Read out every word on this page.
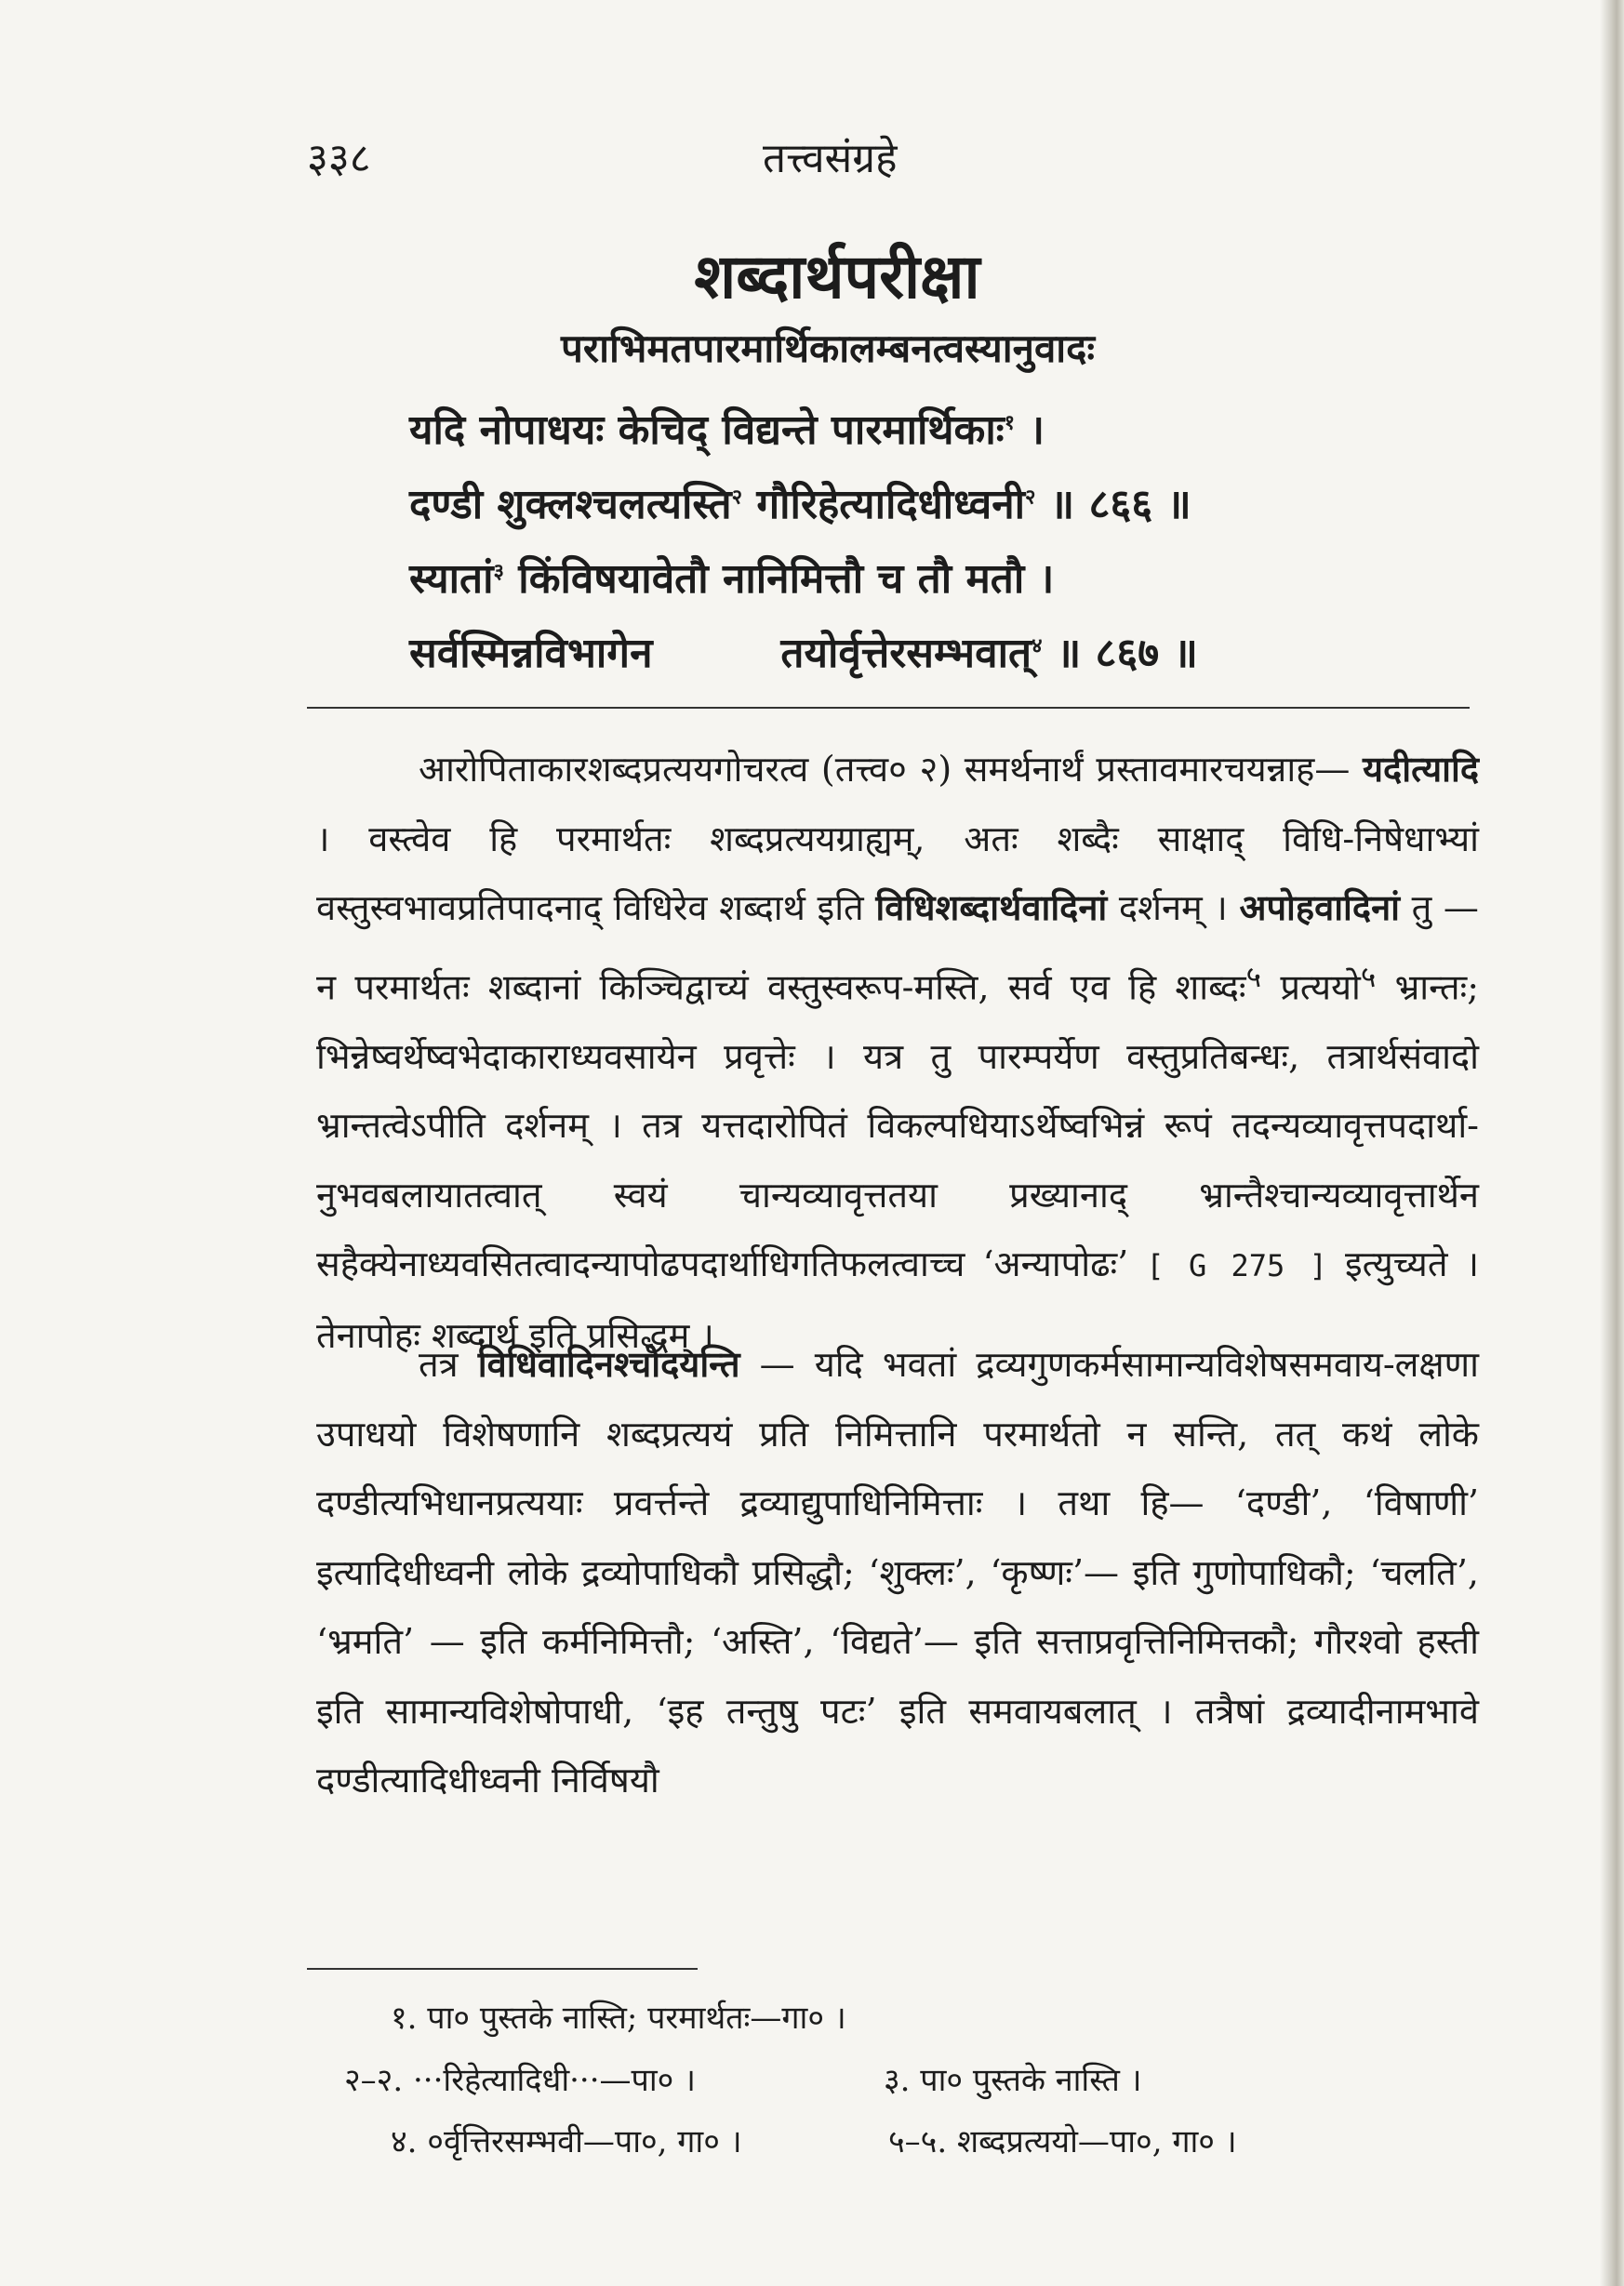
३३८	तत्त्वसंग्रहे
शब्दार्थपरीक्षा
पराभिमतपारमार्थिकालम्बनत्वस्यानुवादः
यदि नोपाधयः केचिद् विद्यन्ते पारमार्थिकाः$^१$ ।
दण्डी शुक्लश्चलत्यस्ति$^२$ गौरिहेत्यादिधीध्वनी$^२$ ॥ ८६६ ॥
स्यातां$^३$ किंविषयावेतौ नानिमित्तौ च तौ मतौ ।
सर्वस्मिन्नविभागेन	तयोर्वृत्तेरसम्भवात्$^४$ ॥ ८६७ ॥
आरोपिताकारशब्दप्रत्ययगोचरत्व (तत्त्व० २) समर्थनार्थं प्रस्तावमारचयन्नाह— यदीत्यादि । वस्त्वेव हि परमार्थतः शब्दप्रत्ययग्राह्यम्, अतः शब्दैः साक्षाद् विधि-निषेधाभ्यां वस्तुस्वभावप्रतिपादनाद् विधिरेव शब्दार्थ इति विधिशब्दार्थवादिनां दर्शनम् । अपोहवादिनां तु — न परमार्थतः शब्दानां किञ्चिद्वाच्यं वस्तुस्वरूप-मस्ति, सर्व एव हि शाब्दः$^५$ प्रत्ययो$^५$ भ्रान्तः; भिन्नेष्वर्थेष्वभेदाकाराध्यवसायेन प्रवृत्तेः । यत्र तु पारम्पर्येण वस्तुप्रतिबन्धः, तत्रार्थसंवादो भ्रान्तत्वेऽपीति दर्शनम् । तत्र यत्तदारोपितं विकल्पधियाऽर्थेष्वभिन्नं रूपं तदन्यव्यावृत्तपदार्था-नुभवबलायातत्वात् स्वयं चान्यव्यावृत्ततया प्रख्यानाद् भ्रान्तैश्चान्यव्यावृत्तार्थेन सहैक्येनाध्यवसितत्वादन्यापोढपदार्थाधिगतिफलत्वाच्च ‘अन्यापोढः’ [ G 275 ] इत्युच्यते । तेनापोहः शब्दार्थ इति प्रसिद्धम् ।
तत्र विधिवादिनश्चोदयन्ति — यदि भवतां द्रव्यगुणकर्मसामान्यविशेषसमवाय-लक्षणा उपाधयो विशेषणानि शब्दप्रत्ययं प्रति निमित्तानि परमार्थतो न सन्ति, तत् कथं लोके दण्डीत्यभिधानप्रत्ययाः प्रवर्त्तन्ते द्रव्याद्युपाधिनिमित्ताः । तथा हि— ‘दण्डी’, ‘विषाणी’ इत्यादिधीध्वनी लोके द्रव्योपाधिकौ प्रसिद्धौ; ‘शुक्लः’, ‘कृष्णः’— इति गुणोपाधिकौ; ‘चलति’, ‘भ्रमति’ — इति कर्मनिमित्तौ; ‘अस्ति’, ‘विद्यते’— इति सत्ताप्रवृत्तिनिमित्तकौ; गौरश्वो हस्ती इति सामान्यविशेषोपाधी, ‘इह तन्तुषु पटः’ इति समवायबलात् । तत्रैषां द्रव्यादीनामभावे दण्डीत्यादिधीध्वनी निर्विषयौ
१. पा० पुस्तके नास्ति; परमार्थतः—गा० ।
२–२. ···रिहेत्यादिधी···—पा० ।	३. पा० पुस्तके नास्ति ।
४. ०र्वृत्तिरसम्भवी—पा०, गा० ।	५–५. शब्दप्रत्ययो—पा०, गा० ।
